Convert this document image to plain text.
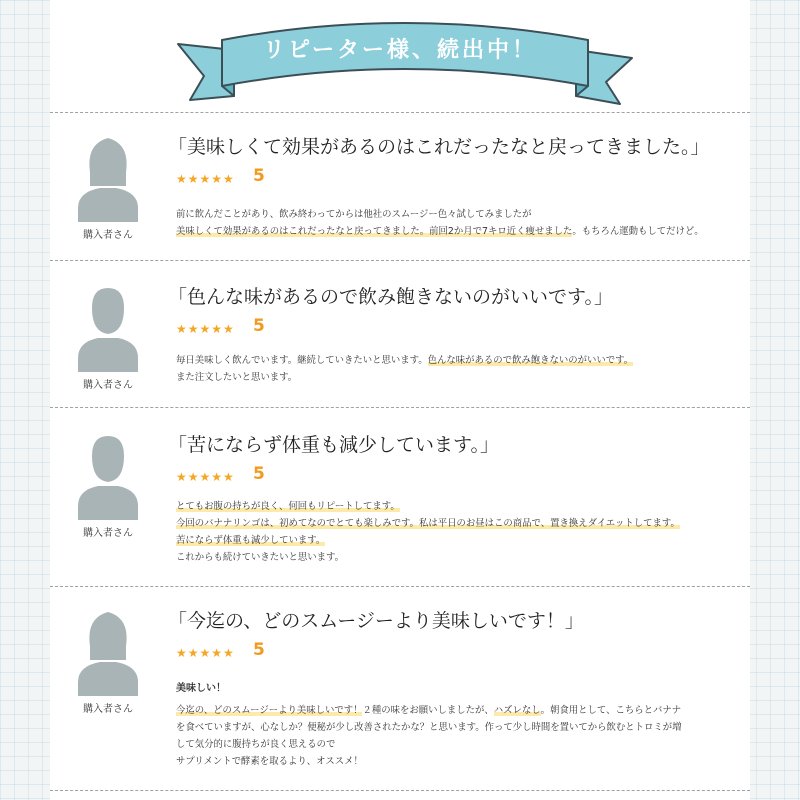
リピーター様、続出中！
購入者さん
「美味しくて効果があるのはこれだったなと戻ってきました。」
★★★★★ 5
前に飲んだことがあり、飲み終わってからは他社のスムージー色々試してみましたが
美味しくて効果があるのはこれだったなと戻ってきました。前回2か月で7キロ近く痩せました。もちろん運動もしてだけど。
購入者さん
「色んな味があるので飲み飽きないのがいいです。」
★★★★★ 5
毎日美味しく飲んでいます。継続していきたいと思います。色んな味があるので飲み飽きないのがいいです。
また注文したいと思います。
購入者さん
「苦にならず体重も減少しています。」
★★★★★ 5
とてもお腹の持ちが良く、何回もリピートしてます。
今回のバナナリンゴは、初めてなのでとても楽しみです。私は平日のお昼はこの商品で、置き換えダイエットしてます。
苦にならず体重も減少しています。
これからも続けていきたいと思います。
購入者さん
「今迄の、どのスムージーより美味しいです！」
★★★★★ 5
美味しい！
今迄の、どのスムージーより美味しいです！２種の味をお願いしましたが、ハズレなし。朝食用として、こちらとバナナ
を食べていますが、心なしか？便秘が少し改善されたかな？と思います。作って少し時間を置いてから飲むとトロミが増
して気分的に腹持ちが良く思えるので
サプリメントで酵素を取るより、オススメ！
